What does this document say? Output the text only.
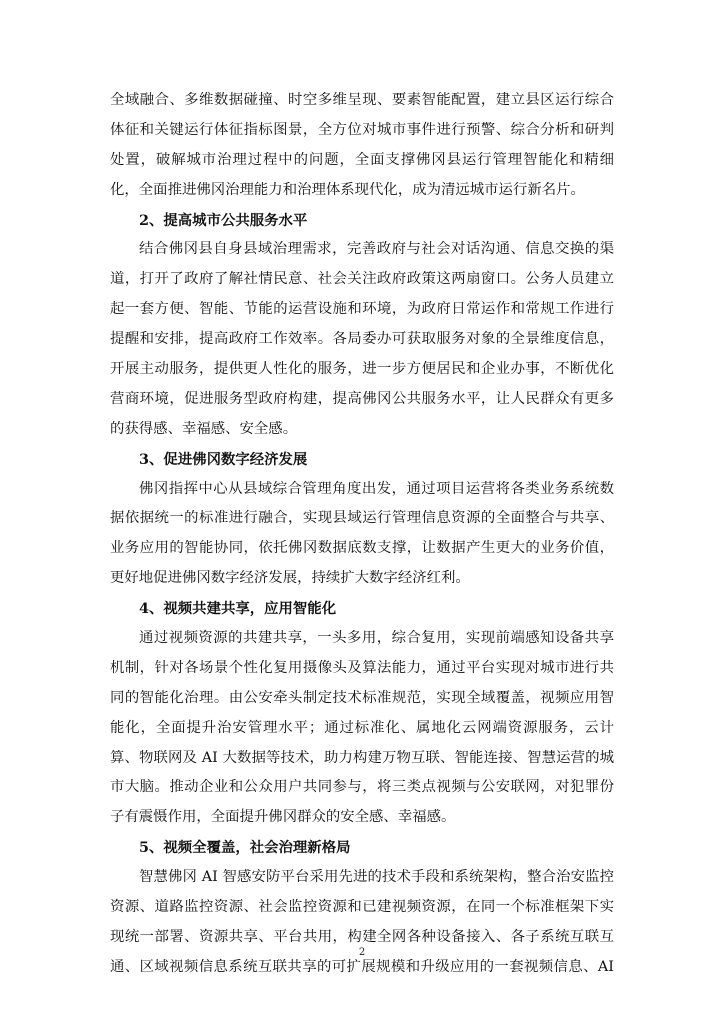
全域融合、多维数据碰撞、时空多维呈现、要素智能配置，建立县区运行综合
体征和关键运行体征指标图景，全方位对城市事件进行预警、综合分析和研判
处置，破解城市治理过程中的问题，全面支撑佛冈县运行管理智能化和精细
化，全面推进佛冈治理能力和治理体系现代化，成为清远城市运行新名片。
2、提高城市公共服务水平
结合佛冈县自身县域治理需求，完善政府与社会对话沟通、信息交换的渠
道，打开了政府了解社情民意、社会关注政府政策这两扇窗口。公务人员建立
起一套方便、智能、节能的运营设施和环境，为政府日常运作和常规工作进行
提醒和安排，提高政府工作效率。各局委办可获取服务对象的全景维度信息，
开展主动服务，提供更人性化的服务，进一步方便居民和企业办事，不断优化
营商环境，促进服务型政府构建，提高佛冈公共服务水平，让人民群众有更多
的获得感、幸福感、安全感。
3、促进佛冈数字经济发展
佛冈指挥中心从县域综合管理角度出发，通过项目运营将各类业务系统数
据依据统一的标准进行融合，实现县域运行管理信息资源的全面整合与共享、
业务应用的智能协同，依托佛冈数据底数支撑，让数据产生更大的业务价值，
更好地促进佛冈数字经济发展，持续扩大数字经济红利。
4、视频共建共享，应用智能化
通过视频资源的共建共享，一头多用，综合复用，实现前端感知设备共享
机制，针对各场景个性化复用摄像头及算法能力，通过平台实现对城市进行共
同的智能化治理。由公安牵头制定技术标准规范，实现全域覆盖，视频应用智
能化，全面提升治安管理水平；通过标准化、属地化云网端资源服务，云计
算、物联网及 AI 大数据等技术，助力构建万物互联、智能连接、智慧运营的城
市大脑。推动企业和公众用户共同参与，将三类点视频与公安联网，对犯罪份
子有震慑作用，全面提升佛冈群众的安全感、幸福感。
5、视频全覆盖，社会治理新格局
智慧佛冈 AI 智感安防平台采用先进的技术手段和系统架构，整合治安监控
资源、道路监控资源、社会监控资源和已建视频资源，在同一个标准框架下实
现统一部署、资源共享、平台共用，构建全网各种设备接入、各子系统互联互
通、区域视频信息系统互联共享的可扩展规模和升级应用的一套视频信息、AI
2
